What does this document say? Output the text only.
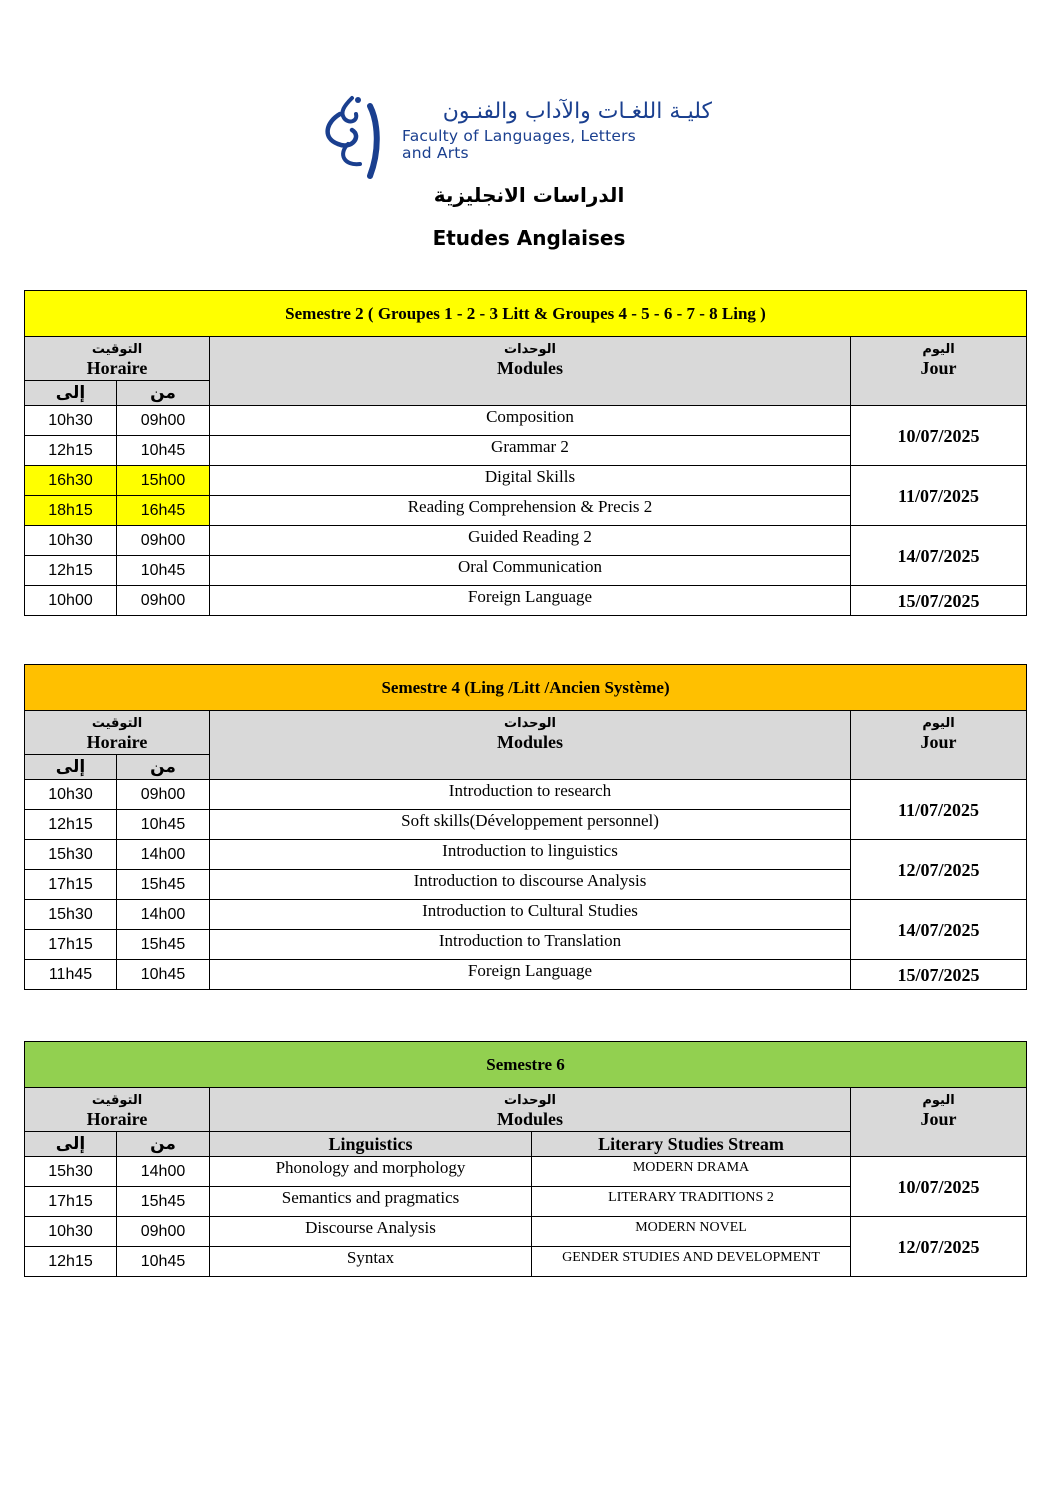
كليـة اللغـات والآداب والفنـون
Faculty of Languages, Letters
and Arts
الدراسات الانجليزية
Etudes Anglaises
Semestre 2 ( Groupes 1 - 2 - 3 Litt & Groupes 4 - 5 - 6 - 7 - 8 Ling )			

التوقيت
Horaire		الوحدات
Modules	اليوم
Jour

إلى	من		
10h30	09h00	Composition	10/07/2025
12h15	10h45	Grammar 2	
16h30	15h00	Digital Skills	11/07/2025
18h15	16h45	Reading Comprehension & Precis 2	
10h30	09h00	Guided Reading 2	14/07/2025
12h15	10h45	Oral Communication	
10h00	09h00	Foreign Language	15/07/2025
Semestre 4 (Ling /Litt /Ancien Système)			

التوقيت
Horaire		الوحدات
Modules	اليوم
Jour

إلى	من		
10h30	09h00	Introduction to research	11/07/2025
12h15	10h45	Soft skills(Développement personnel)	
15h30	14h00	Introduction to linguistics	12/07/2025
17h15	15h45	Introduction to discourse Analysis	
15h30	14h00	Introduction to Cultural Studies	14/07/2025
17h15	15h45	Introduction to Translation	
11h45	10h45	Foreign Language	15/07/2025
Semestre 6				

التوقيت
Horaire		الوحدات
Modules		اليوم
Jour

إلى	من	Linguistics	Literary Studies Stream	
15h30	14h00	Phonology and morphology	MODERN DRAMA	10/07/2025
17h15	15h45	Semantics and pragmatics	LITERARY TRADITIONS 2	
10h30	09h00	Discourse Analysis	MODERN NOVEL	12/07/2025
12h15	10h45	Syntax	GENDER STUDIES AND DEVELOPMENT	
